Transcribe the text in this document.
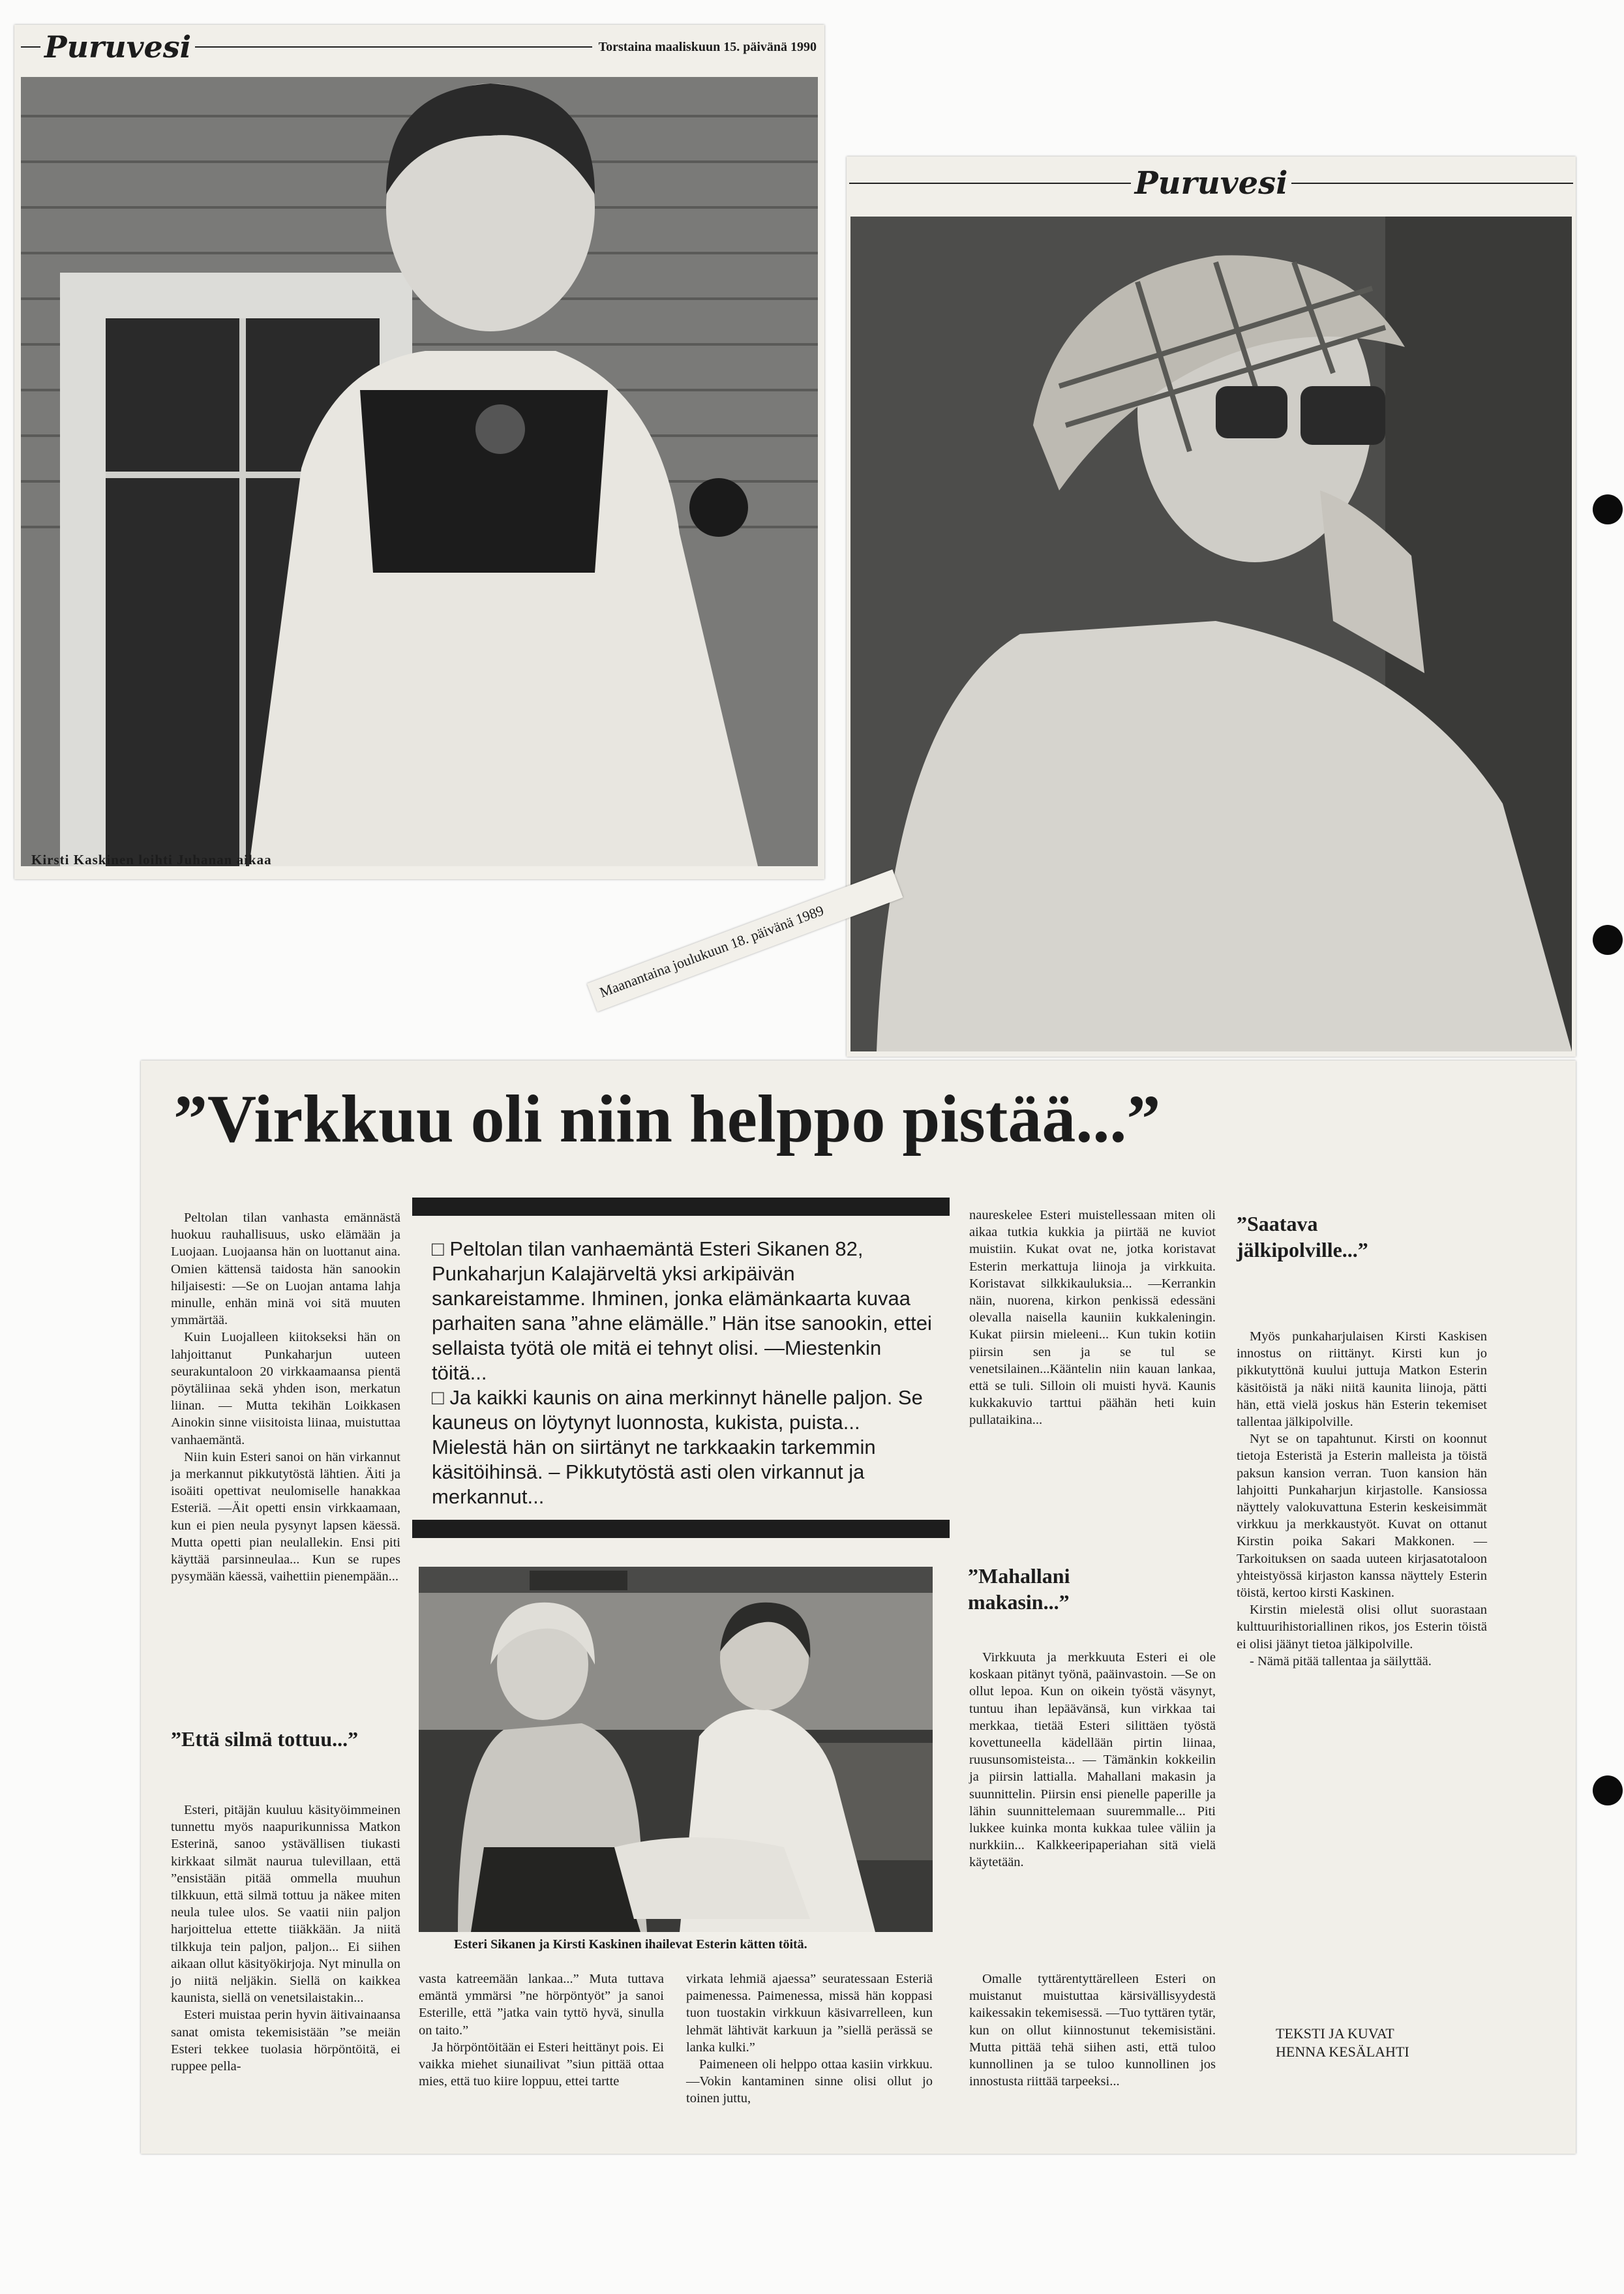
Puruvesi	Torstaina maaliskuun 15. päivänä 1990
Kirsti Kaskinen loihti Juhanan aikaa
Puruvesi
Maanantaina joulukuun 18. päivänä 1989
”Virkkuu oli niin helppo pistää...”

Peltolan tilan vanhasta emännästä huokuu rauhallisuus, usko elämään ja Luojaan. Luojaansa hän on luottanut aina. Omien kättensä taidosta hän sanookin hiljaisesti: —Se on Luojan antama lahja minulle, enhän minä voi sitä muuten ymmärtää.

Kuin Luojalleen kiitokseksi hän on lahjoittanut Punkaharjun uuteen seurakuntaloon 20 virkkaamaansa pientä pöytäliinaa sekä yhden ison, merkatun liinan. — Mutta tekihän Loikkasen Ainokin sinne viisitoista liinaa, muistuttaa vanhaemäntä.

Niin kuin Esteri sanoi on hän virkannut ja merkannut pikkutytöstä lähtien. Äiti ja isoäiti opettivat neulomiselle hanakkaa Esteriä. —Äit opetti ensin virkkaamaan, kun ei pien neula pysynyt lapsen käessä. Mutta opetti pian neulallekin. Ensi piti käyttää parsinneulaa... Kun se rupes pysymään käessä, vaihettiin pienempään...

”Että silmä tottuu...”

Esteri, pitäjän kuuluu käsityöimmeinen tunnettu myös naapurikunnissa Matkon Esterinä, sanoo ystävällisen tiukasti kirkkaat silmät naurua tulevillaan, että ”ensistään pitää ommella muuhun tilkkuun, että silmä tottuu ja näkee miten neula tulee ulos. Se vaatii niin paljon harjoittelua ettette tiiäkkään. Ja niitä tilkkuja tein paljon, paljon... Ei siihen aikaan ollut käsityökirjoja. Nyt minulla on jo niitä neljäkin. Siellä on kaikkea kaunista, siellä on venetsilaistakin...

Esteri muistaa perin hyvin äitivainaansa sanat omista tekemisistään ”se meiän Esteri tekkee tuolasia hörpöntöitä, ei ruppee pella-

□ Peltolan tilan vanhaemäntä Esteri Sikanen 82, Punkaharjun Kalajärveltä yksi arkipäivän sankareistamme. Ihminen, jonka elämänkaarta kuvaa parhaiten sana ”ahne elämälle.” Hän itse sanookin, ettei sellaista työtä ole mitä ei tehnyt olisi. —Miestenkin töitä...
□ Ja kaikki kaunis on aina merkinnyt hänelle paljon. Se kauneus on löytynyt luonnosta, kukista, puista... Mielestä hän on siirtänyt ne tarkkaakin tarkemmin käsitöihinsä. – Pikkutytöstä asti olen virkannut ja merkannut...
Esteri Sikanen ja Kirsti Kaskinen ihailevat Esterin kätten töitä.

vasta katreemään lankaa...” Muta tuttava emäntä ymmärsi ”ne hörpöntyöt” ja sanoi Esterille, että ”jatka vain tyttö hyvä, sinulla on taito.”

Ja hörpöntöitään ei Esteri heittänyt pois. Ei vaikka miehet siunailivat ”siun pittää ottaa mies, että tuo kiire loppuu, ettei tartte

virkata lehmiä ajaessa” seuratessaan Esteriä paimenessa. Paimenessa, missä hän koppasi tuon tuostakin virkkuun käsivarrelleen, kun lehmät lähtivät karkuun ja ”siellä perässä se lanka kulki.”

Paimeneen oli helppo ottaa kasiin virkkuu. —Vokin kantaminen sinne olisi ollut jo toinen juttu,

naureskelee Esteri muistellessaan miten oli aikaa tutkia kukkia ja piirtää ne kuviot muistiin. Kukat ovat ne, jotka koristavat Esterin merkattuja liinoja ja virkkuita. Koristavat silkkikauluksia... —Kerrankin näin, nuorena, kirkon penkissä edessäni olevalla naisella kauniin kukkaleningin. Kukat piirsin mieleeni... Kun tukin kotiin piirsin sen ja se tul se venetsilainen...Kääntelin niin kauan lankaa, että se tuli. Silloin oli muisti hyvä. Kaunis kukkakuvio tarttui päähän heti kuin pullataikina...

”Mahallani makasin...”

Virkkuuta ja merkkuuta Esteri ei ole koskaan pitänyt työnä, paäinvastoin. —Se on ollut lepoa. Kun on oikein työstä väsynyt, tuntuu ihan lepäävänsä, kun virkkaa tai merkkaa, tietää Esteri silittäen työstä kovettuneella kädellään pirtin liinaa, ruusunsomisteista... — Tämänkin kokkeilin ja piirsin lattialla. Mahallani makasin ja suunnittelin. Piirsin ensi pienelle paperille ja lähin suunnittelemaan suuremmalle... Piti lukkee kuinka monta kukkaa tulee väliin ja nurkkiin... Kalkkeeripaperiahan sitä vielä käytetään.

Omalle tyttärentyttärelleen Esteri on muistanut muistuttaa kärsivällisyydestä kaikessakin tekemisessä. —Tuo tyttären tytär, kun on ollut kiinnostunut tekemisistäni. Mutta pittää tehä siihen asti, että tuloo kunnollinen ja se tuloo kunnollinen jos innostusta riittää tarpeeksi...

”Saatava jälkipolville...”

Myös punkaharjulaisen Kirsti Kaskisen innostus on riittänyt. Kirsti kun jo pikkutyttönä kuului juttuja Matkon Esterin käsitöistä ja näki niitä kaunita liinoja, pätti hän, että vielä joskus hän Esterin tekemiset tallentaa jälkipolville.

Nyt se on tapahtunut. Kirsti on koonnut tietoja Esteristä ja Esterin malleista ja töistä paksun kansion verran. Tuon kansion hän lahjoitti Punkaharjun kirjastolle. Kansiossa näyttely valokuvattuna Esterin keskeisimmät virkkuu ja merkkaustyöt. Kuvat on ottanut Kirstin poika Sakari Makkonen. —Tarkoituksen on saada uuteen kirjasatotaloon yhteistyössä kirjaston kanssa näyttely Esterin töistä, kertoo kirsti Kaskinen.

Kirstin mielestä olisi ollut suorastaan kulttuurihistoriallinen rikos, jos Esterin töistä ei olisi jäänyt tietoa jälkipolville.

- Nämä pitää tallentaa ja säilyttää.

TEKSTI JA KUVAT
HENNA KESÄLAHTI
